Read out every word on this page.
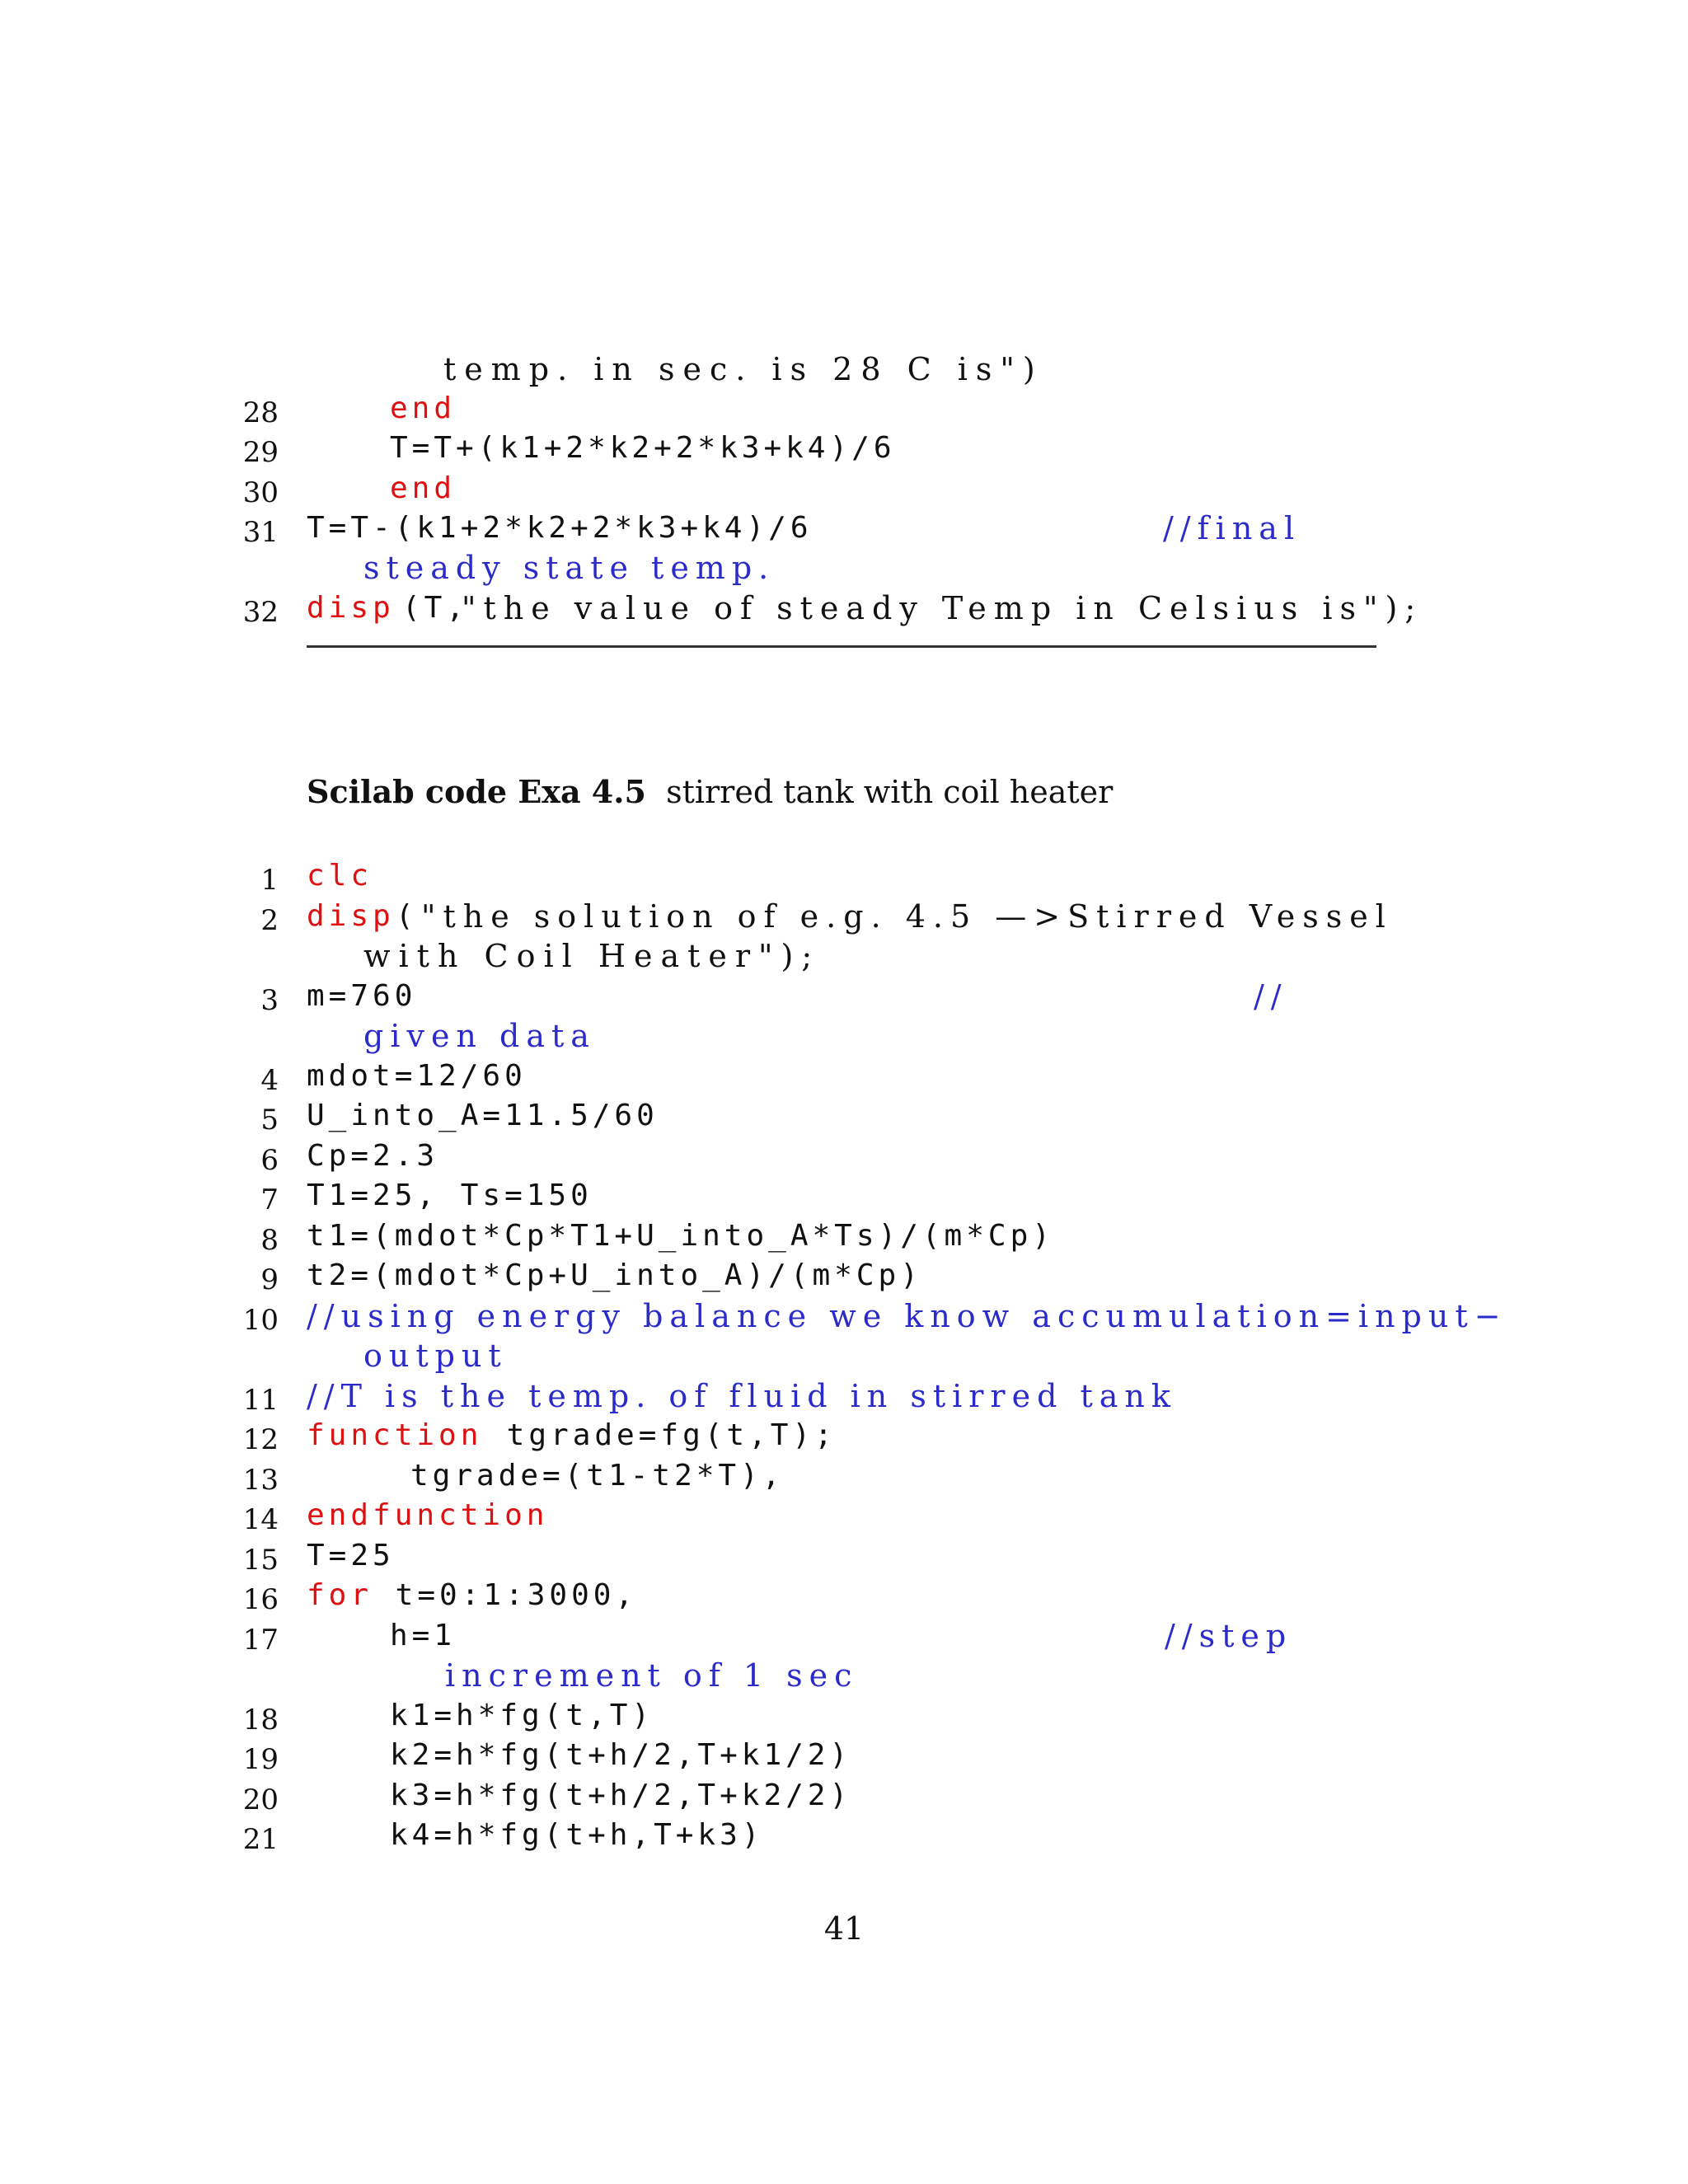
temp. in sec. is 28 C is")

28

	end

29

	T=T+(k1+2*k2+2*k3+k4)/6

30

	end

31

T=T-(k1+2*k2+2*k3+k4)/6

	//final

steady state temp.

32

disp

(T,

"the value of steady Temp in Celsius is");

Scilab code Exa 4.5 stirred tank with coil heater
1 clc
2 disp ( "the solution of e.g. 4.5 —>Stirred Vessel
with Coil Heater");
3 m=760	//
given data
4 mdot=12/60
5 U_into_A=11.5/60
6 Cp=2.3
7 T1=25, Ts=150
8 t1=(mdot*Cp*T1+U_into_A*Ts)/(m*Cp)
9 t2=(mdot*Cp+U_into_A)/(m*Cp)
10 //using energy balance we know accumulation=input−
output
11 //T is the temp. of fluid in stirred tank
12 function tgrade=fg(t,T);
13	tgrade=(t1-t2*T),
14 endfunction
15 T=25
16 for t=0:1:3000,
17	h=1	//step
increment of 1 sec
18	k1=h*fg(t,T)
19	k2=h*fg(t+h/2,T+k1/2)
20	k3=h*fg(t+h/2,T+k2/2)
21	k4=h*fg(t+h,T+k3)
41
